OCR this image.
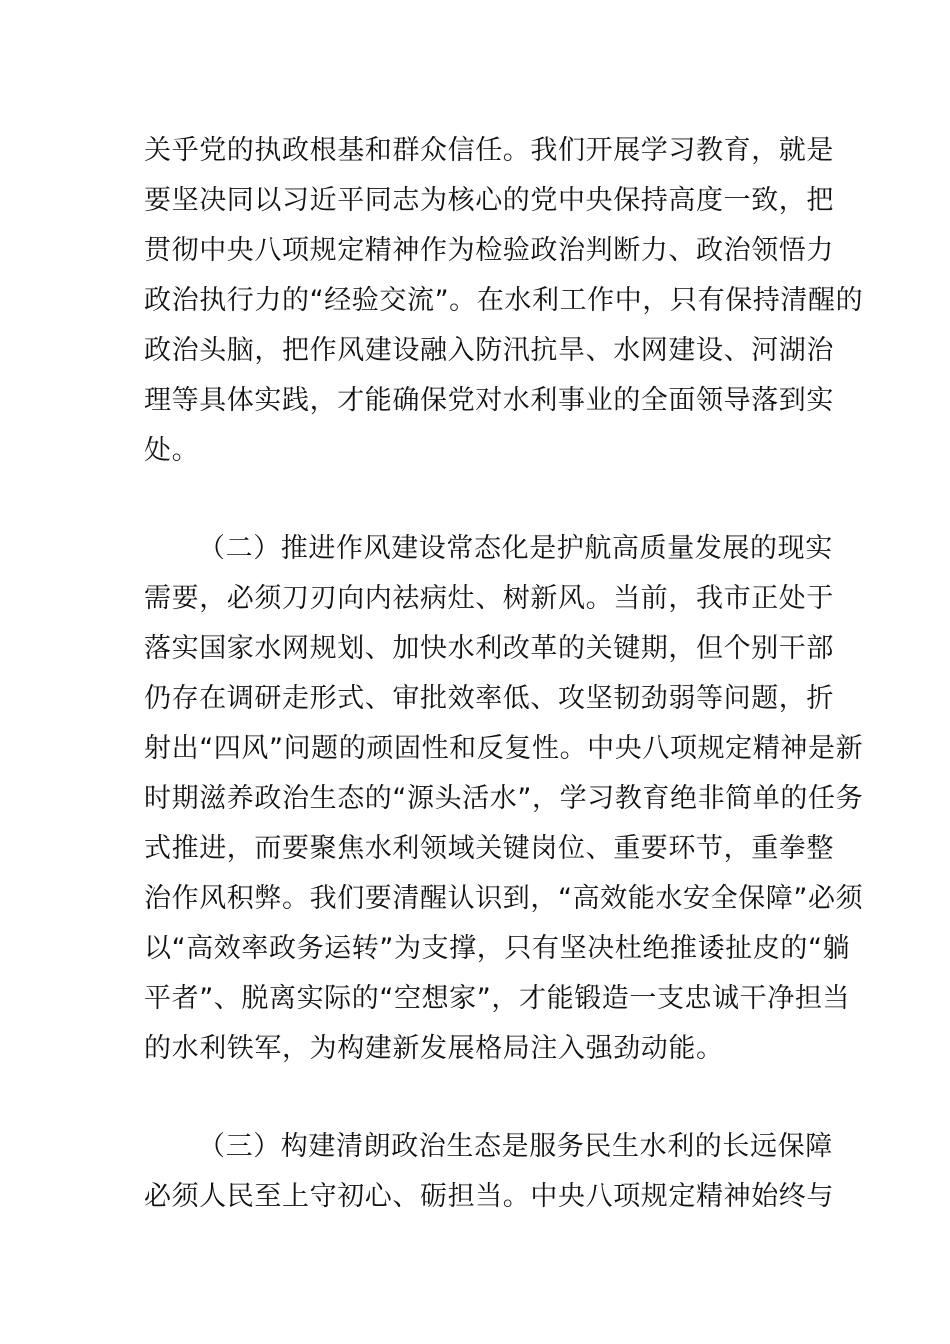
关乎党的执政根基和群众信任。我们开展学习教育，就是
要坚决同以习近平同志为核心的党中央保持高度一致，把
贯彻中央八项规定精神作为检验政治判断力、政治领悟力
政治执行力的“经验交流”。在水利工作中，只有保持清醒的
政治头脑，把作风建设融入防汛抗旱、水网建设、河湖治
理等具体实践，才能确保党对水利事业的全面领导落到实
处。
（二）推进作风建设常态化是护航高质量发展的现实
需要，必须刀刃向内祛病灶、树新风。当前，我市正处于
落实国家水网规划、加快水利改革的关键期，但个别干部
仍存在调研走形式、审批效率低、攻坚韧劲弱等问题，折
射出“四风”问题的顽固性和反复性。中央八项规定精神是新
时期滋养政治生态的“源头活水”，学习教育绝非简单的任务
式推进，而要聚焦水利领域关键岗位、重要环节，重拳整
治作风积弊。我们要清醒认识到，“高效能水安全保障”必须
以“高效率政务运转”为支撑，只有坚决杜绝推诿扯皮的“躺
平者”、脱离实际的“空想家”，才能锻造一支忠诚干净担当
的水利铁军，为构建新发展格局注入强劲动能。
（三）构建清朗政治生态是服务民生水利的长远保障
必须人民至上守初心、砺担当。中央八项规定精神始终与
